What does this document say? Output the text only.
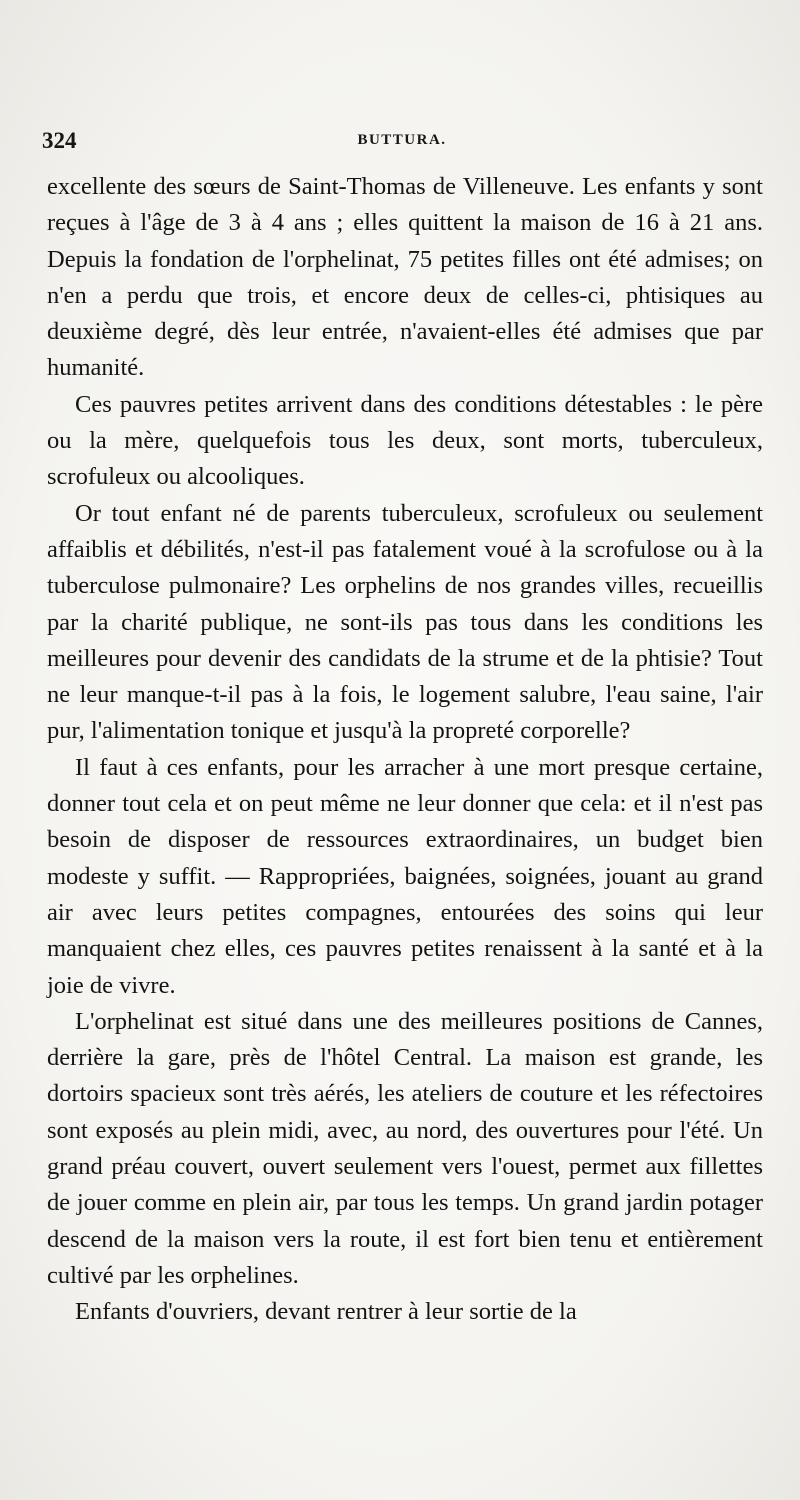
324	BUTTURA.

excellente des sœurs de Saint-Thomas de Villeneuve. Les enfants y sont reçues à l'âge de 3 à 4 ans ; elles quittent la maison de 16 à 21 ans. Depuis la fondation de l'orphelinat, 75 petites filles ont été admises; on n'en a perdu que trois, et encore deux de celles-ci, phtisiques au deuxième degré, dès leur entrée, n'avaient-elles été admises que par humanité.

Ces pauvres petites arrivent dans des conditions détestables : le père ou la mère, quelquefois tous les deux, sont morts, tuberculeux, scrofuleux ou alcooliques.

Or tout enfant né de parents tuberculeux, scrofuleux ou seulement affaiblis et débilités, n'est-il pas fatalement voué à la scrofulose ou à la tuberculose pulmonaire? Les orphelins de nos grandes villes, recueillis par la charité publique, ne sont-ils pas tous dans les conditions les meilleures pour devenir des candidats de la strume et de la phtisie? Tout ne leur manque-t-il pas à la fois, le logement salubre, l'eau saine, l'air pur, l'alimentation tonique et jusqu'à la propreté corporelle?

Il faut à ces enfants, pour les arracher à une mort presque certaine, donner tout cela et on peut même ne leur donner que cela: et il n'est pas besoin de disposer de ressources extraordinaires, un budget bien modeste y suffit. — Rappropriées, baignées, soignées, jouant au grand air avec leurs petites compagnes, entourées des soins qui leur manquaient chez elles, ces pauvres petites renaissent à la santé et à la joie de vivre.

L'orphelinat est situé dans une des meilleures positions de Cannes, derrière la gare, près de l'hôtel Central. La maison est grande, les dortoirs spacieux sont très aérés, les ateliers de couture et les réfectoires sont exposés au plein midi, avec, au nord, des ouvertures pour l'été. Un grand préau couvert, ouvert seulement vers l'ouest, permet aux fillettes de jouer comme en plein air, par tous les temps. Un grand jardin potager descend de la maison vers la route, il est fort bien tenu et entièrement cultivé par les orphelines.

Enfants d'ouvriers, devant rentrer à leur sortie de la
